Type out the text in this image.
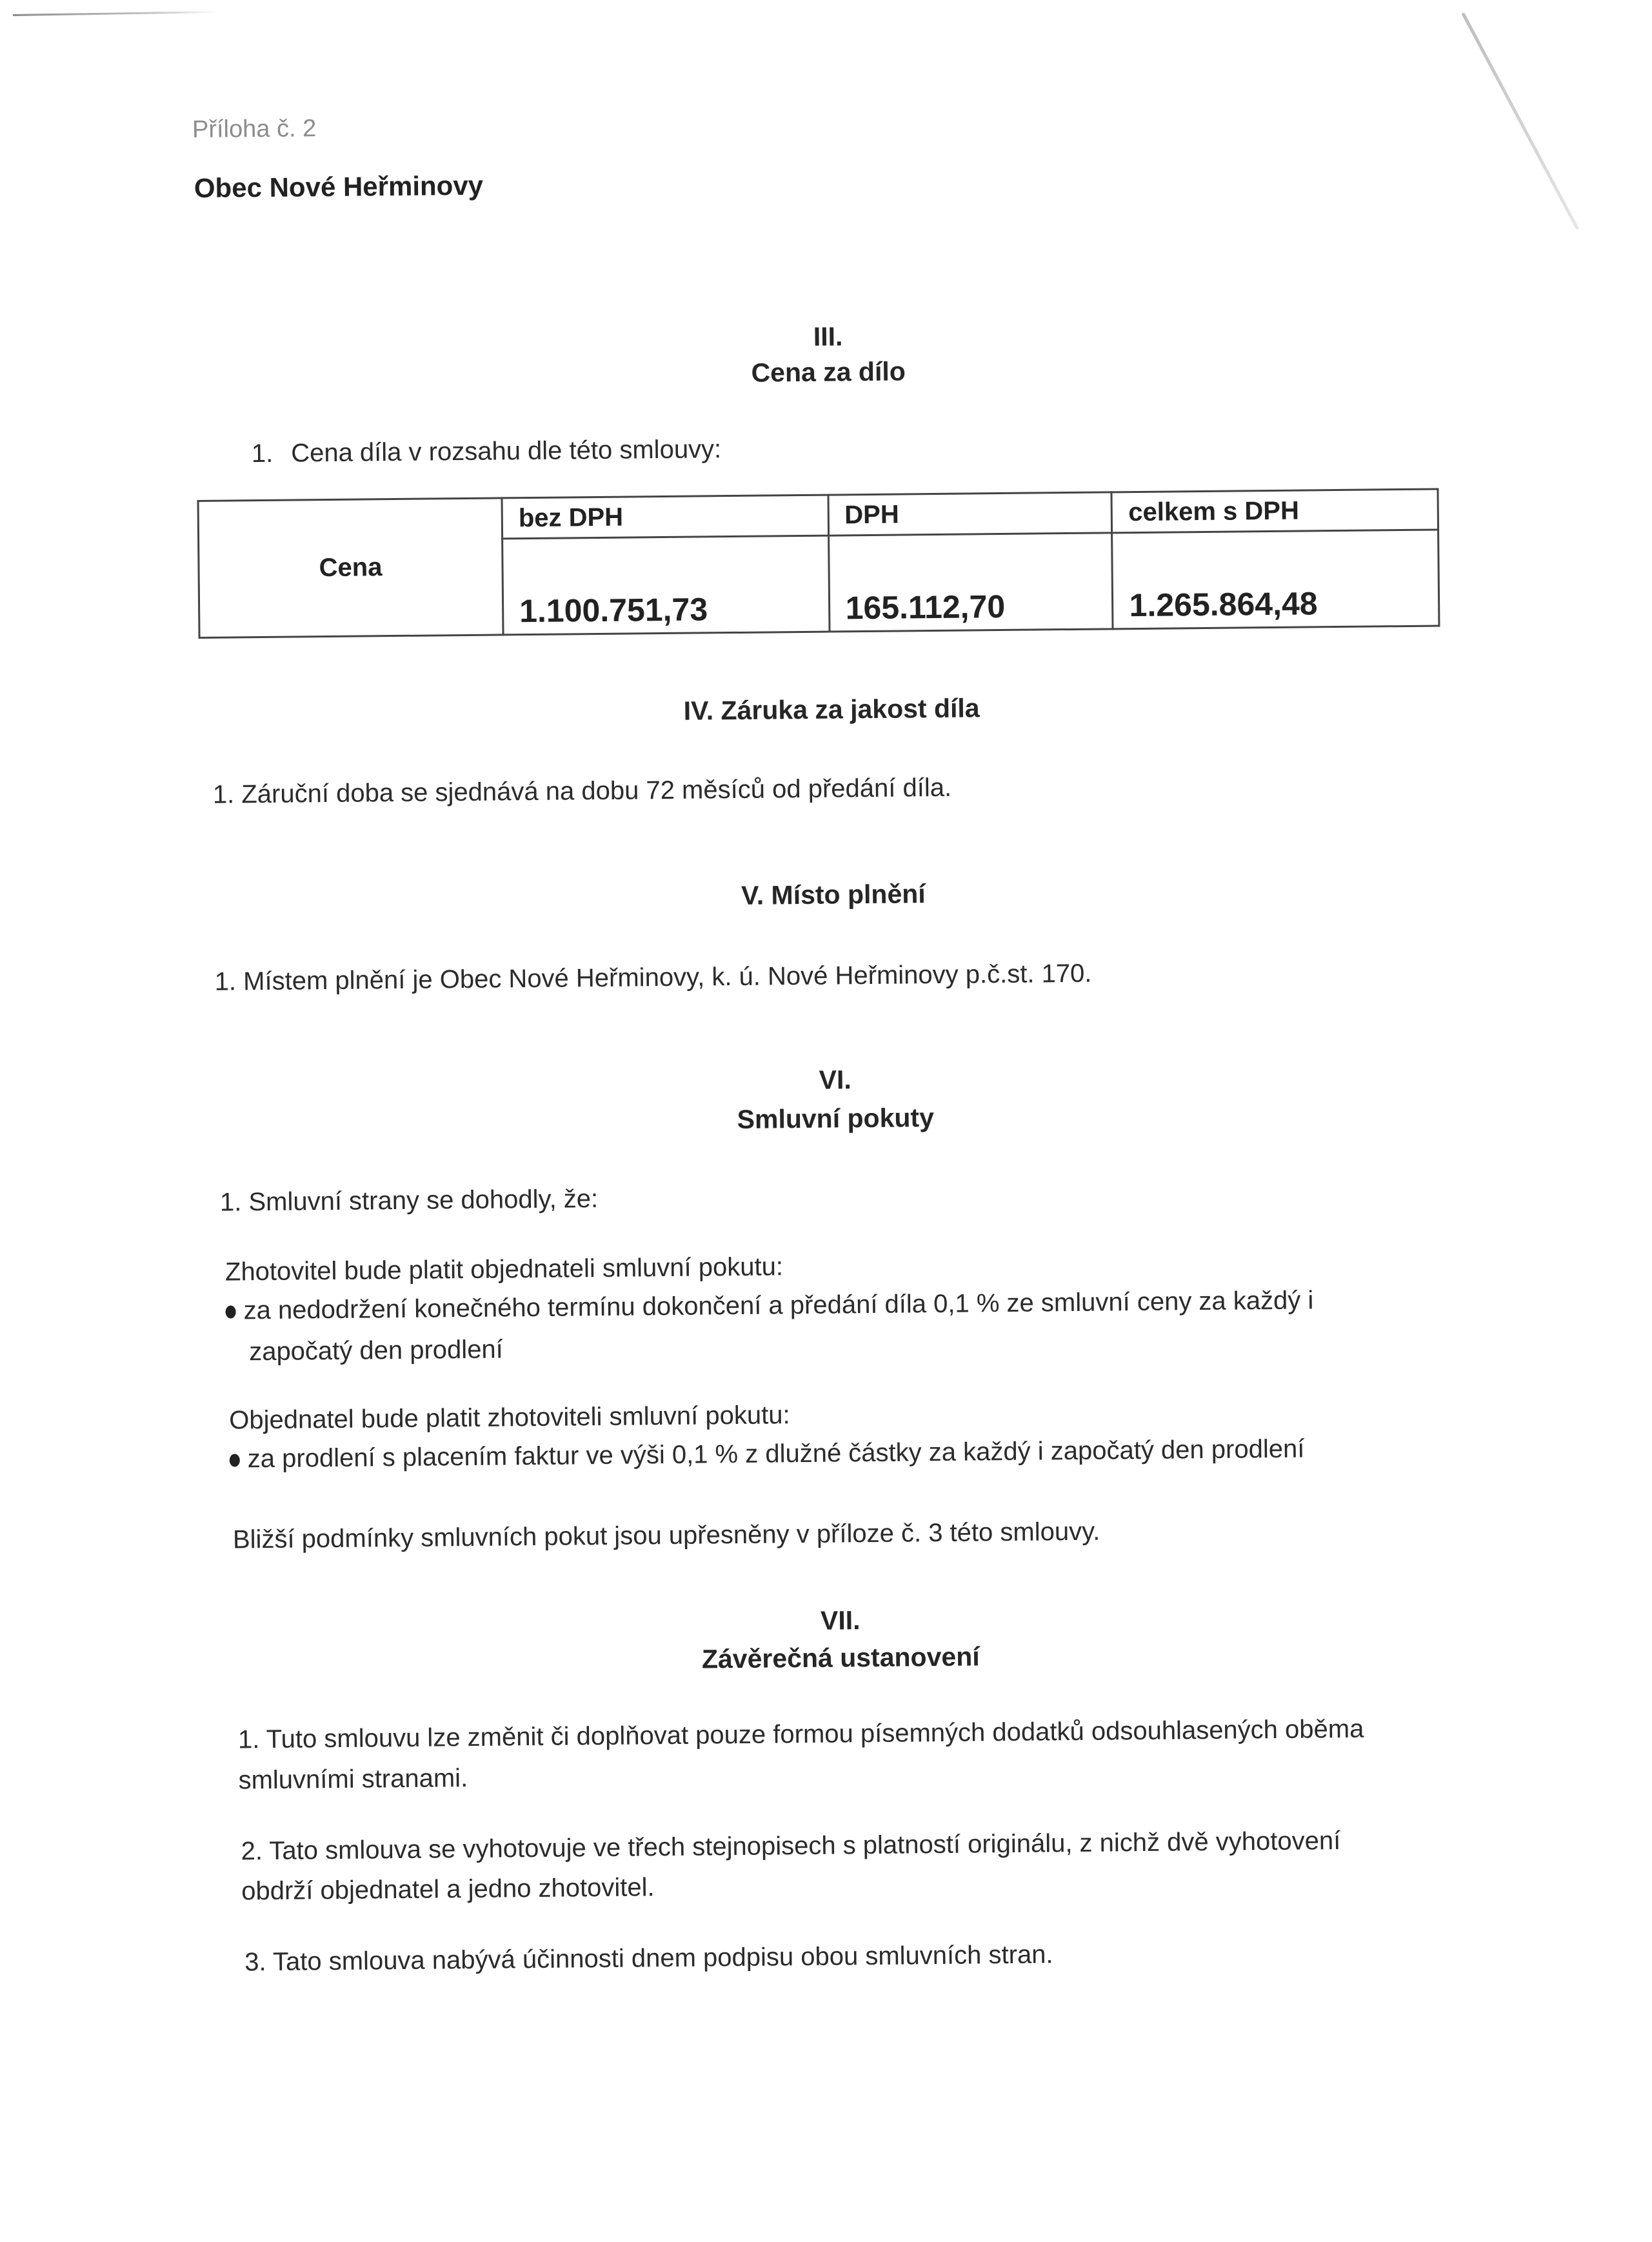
Příloha č. 2
Obec Nové Heřminovy
III.
Cena za dílo
1. Cena díla v rozsahu dle této smlouvy:
Cena	bez DPH	DPH	celkem s DPH
	1.100.751,73	165.112,70	1.265.864,48
IV. Záruka za jakost díla
1. Záruční doba se sjednává na dobu 72 měsíců od předání díla.
V. Místo plnění
1. Místem plnění je Obec Nové Heřminovy, k. ú. Nové Heřminovy p.č.st. 170.
VI.
Smluvní pokuty
1. Smluvní strany se dohodly, že:
Zhotovitel bude platit objednateli smluvní pokutu:
za nedodržení konečného termínu dokončení a předání díla 0,1 % ze smluvní ceny za každý i
započatý den prodlení
Objednatel bude platit zhotoviteli smluvní pokutu:
za prodlení s placením faktur ve výši 0,1 % z dlužné částky za každý i započatý den prodlení
Bližší podmínky smluvních pokut jsou upřesněny v příloze č. 3 této smlouvy.
VII.
Závěrečná ustanovení
1. Tuto smlouvu lze změnit či doplňovat pouze formou písemných dodatků odsouhlasených oběma
smluvními stranami.
2. Tato smlouva se vyhotovuje ve třech stejnopisech s platností originálu, z nichž dvě vyhotovení
obdrží objednatel a jedno zhotovitel.
3. Tato smlouva nabývá účinnosti dnem podpisu obou smluvních stran.
